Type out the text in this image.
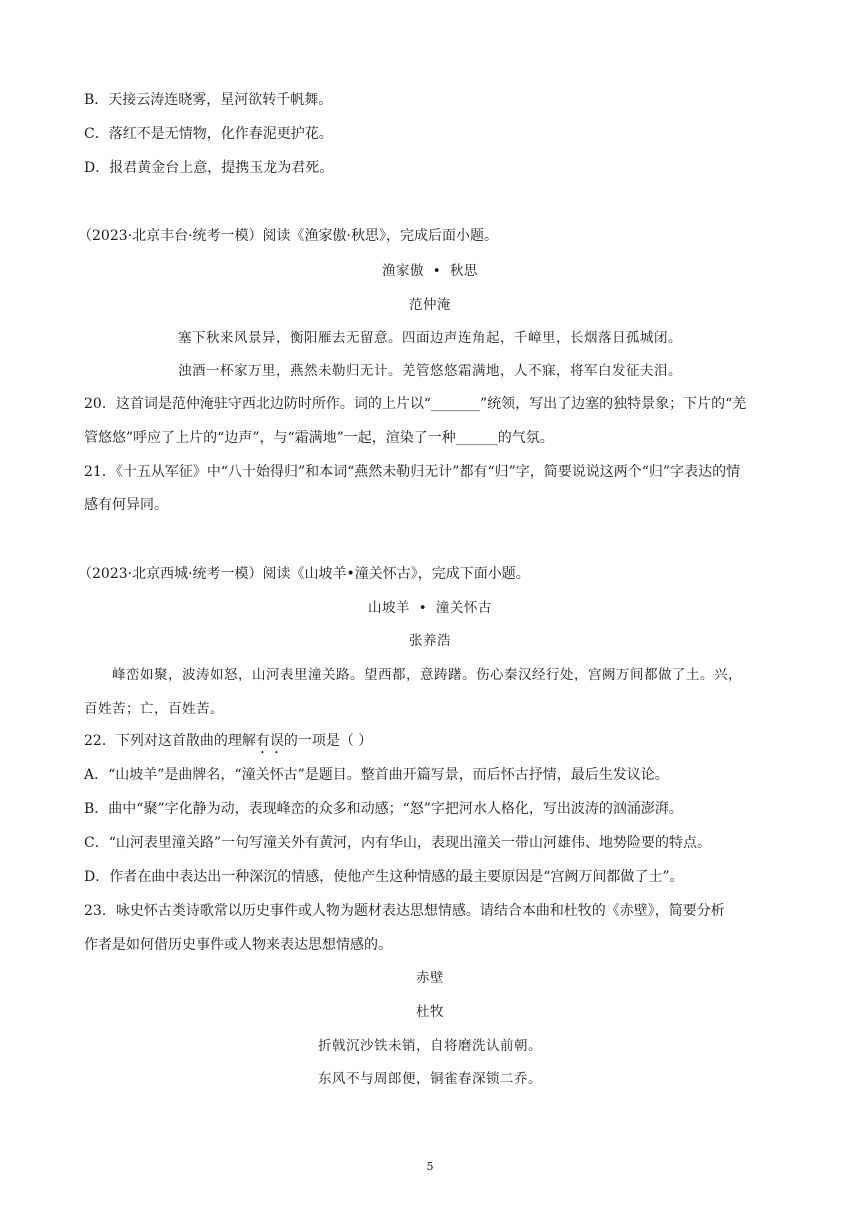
B．天接云涛连晓雾，星河欲转千帆舞。
C．落红不是无情物，化作春泥更护花。
D．报君黄金台上意，提携玉龙为君死。
（2023·北京丰台·统考一模）阅读《渔家傲·秋思》，完成后面小题。
渔家傲 • 秋思
范仲淹
塞下秋来风景异，衡阳雁去无留意。四面边声连角起，千嶂里，长烟落日孤城闭。
浊酒一杯家万里，燕然未勒归无计。羌管悠悠霜满地，人不寐，将军白发征夫泪。
20．这首词是范仲淹驻守西北边防时所作。词的上片以“_______”统领，写出了边塞的独特景象；下片的“羌
管悠悠”呼应了上片的“边声”，与“霜满地”一起，渲染了一种______的气氛。
21．《十五从军征》中“八十始得归”和本词“燕然未勒归无计”都有“归”字，简要说说这两个“归”字表达的情
感有何异同。
（2023·北京西城·统考一模）阅读《山坡羊•潼关怀古》，完成下面小题。
山坡羊 • 潼关怀古
张养浩
峰峦如聚，波涛如怒，山河表里潼关路。望西都，意踌躇。伤心秦汉经行处，宫阙万间都做了土。兴，
百姓苦；亡，百姓苦。
22．下列对这首散曲的理解有误的一项是（ ）
A．“山坡羊”是曲牌名，“潼关怀古”是题目。整首曲开篇写景，而后怀古抒情，最后生发议论。
B．曲中“聚”字化静为动，表现峰峦的众多和动感；“怒”字把河水人格化，写出波涛的汹涌澎湃。
C．“山河表里潼关路”一句写潼关外有黄河，内有华山，表现出潼关一带山河雄伟、地势险要的特点。
D．作者在曲中表达出一种深沉的情感，使他产生这种情感的最主要原因是“宫阙万间都做了土”。
23．咏史怀古类诗歌常以历史事件或人物为题材表达思想情感。请结合本曲和杜牧的《赤壁》，简要分析
作者是如何借历史事件或人物来表达思想情感的。
赤壁
杜牧
折戟沉沙铁未销，自将磨洗认前朝。
东风不与周郎便，铜雀春深锁二乔。
5
